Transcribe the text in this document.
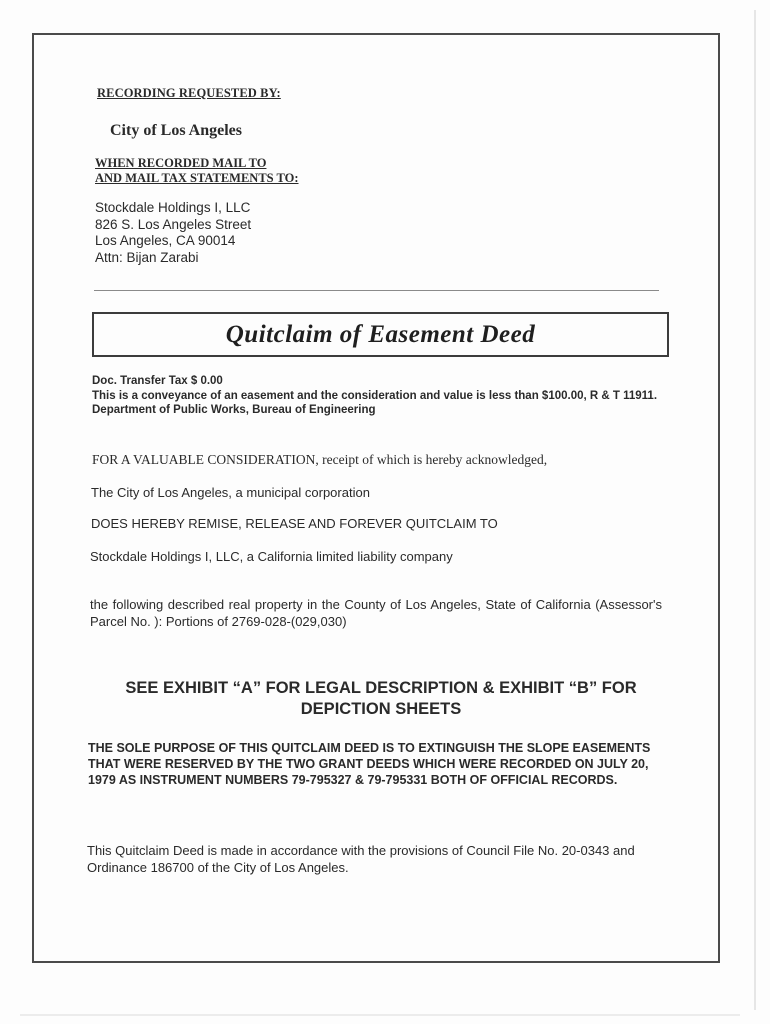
RECORDING REQUESTED BY:
City of Los Angeles
WHEN RECORDED MAIL TO
AND MAIL TAX STATEMENTS TO:
Stockdale Holdings I, LLC
826 S. Los Angeles Street
Los Angeles, CA 90014
Attn: Bijan Zarabi
Quitclaim of Easement Deed
Doc. Transfer Tax $ 0.00
This is a conveyance of an easement and the consideration and value is less than $100.00, R & T 11911. Department of Public Works, Bureau of Engineering
FOR A VALUABLE CONSIDERATION, receipt of which is hereby acknowledged,
The City of Los Angeles, a municipal corporation
DOES HEREBY REMISE, RELEASE AND FOREVER QUITCLAIM TO
Stockdale Holdings I, LLC, a California limited liability company
the following described real property in the County of Los Angeles, State of California (Assessor's Parcel No. ): Portions of 2769-028-(029,030)
SEE EXHIBIT “A” FOR LEGAL DESCRIPTION & EXHIBIT “B” FOR
DEPICTION SHEETS
THE SOLE PURPOSE OF THIS QUITCLAIM DEED IS TO EXTINGUISH THE SLOPE EASEMENTS THAT WERE RESERVED BY THE TWO GRANT DEEDS WHICH WERE RECORDED ON JULY 20, 1979 AS INSTRUMENT NUMBERS 79-795327 & 79-795331 BOTH OF OFFICIAL RECORDS.
This Quitclaim Deed is made in accordance with the provisions of Council File No. 20-0343 and Ordinance 186700 of the City of Los Angeles.
